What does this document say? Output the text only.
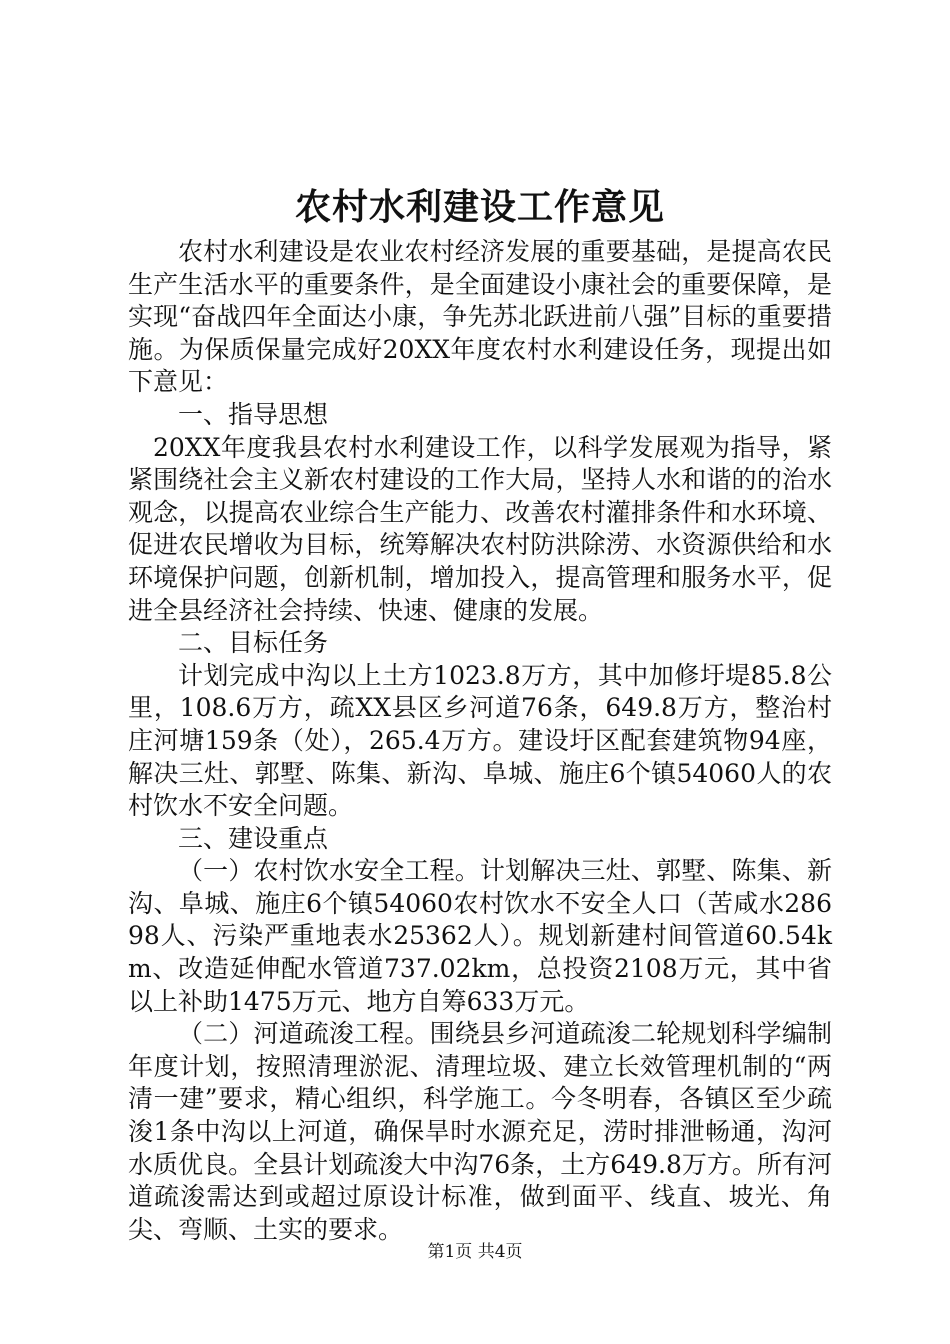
农村水利建设工作意见

农村水利建设是农业农村经济发展的重要基础，是提高农民生产生活水平的重要条件，是全面建设小康社会的重要保障，是实现“奋战四年全面达小康，争先苏北跃进前八强”目标的重要措施。为保质保量完成好20XX年度农村水利建设任务，现提出如下意见：

一、指导思想

20XX年度我县农村水利建设工作，以科学发展观为指导，紧紧围绕社会主义新农村建设的工作大局，坚持人水和谐的的治水观念，以提高农业综合生产能力、改善农村灌排条件和水环境、促进农民增收为目标，统筹解决农村防洪除涝、水资源供给和水环境保护问题，创新机制，增加投入，提高管理和服务水平，促进全县经济社会持续、快速、健康的发展。

二、目标任务

计划完成中沟以上土方1023.8万方，其中加修圩堤85.8公里，108.6万方，疏XX县区乡河道76条，649.8万方，整治村庄河塘159条（处），265.4万方。建设圩区配套建筑物94座，解决三灶、郭墅、陈集、新沟、阜城、施庄6个镇54060人的农村饮水不安全问题。

三、建设重点

（一）农村饮水安全工程。计划解决三灶、郭墅、陈集、新沟、阜城、施庄6个镇54060农村饮水不安全人口（苦咸水28698人、污染严重地表水25362人）。规划新建村间管道60.54km、改造延伸配水管道737.02km，总投资2108万元，其中省以上补助1475万元、地方自筹633万元。

（二）河道疏浚工程。围绕县乡河道疏浚二轮规划科学编制年度计划，按照清理淤泥、清理垃圾、建立长效管理机制的“两清一建”要求，精心组织，科学施工。今冬明春，各镇区至少疏浚1条中沟以上河道，确保旱时水源充足，涝时排泄畅通，沟河水质优良。全县计划疏浚大中沟76条，土方649.8万方。所有河道疏浚需达到或超过原设计标准，做到面平、线直、坡光、角尖、弯顺、土实的要求。

第1页 共4页
